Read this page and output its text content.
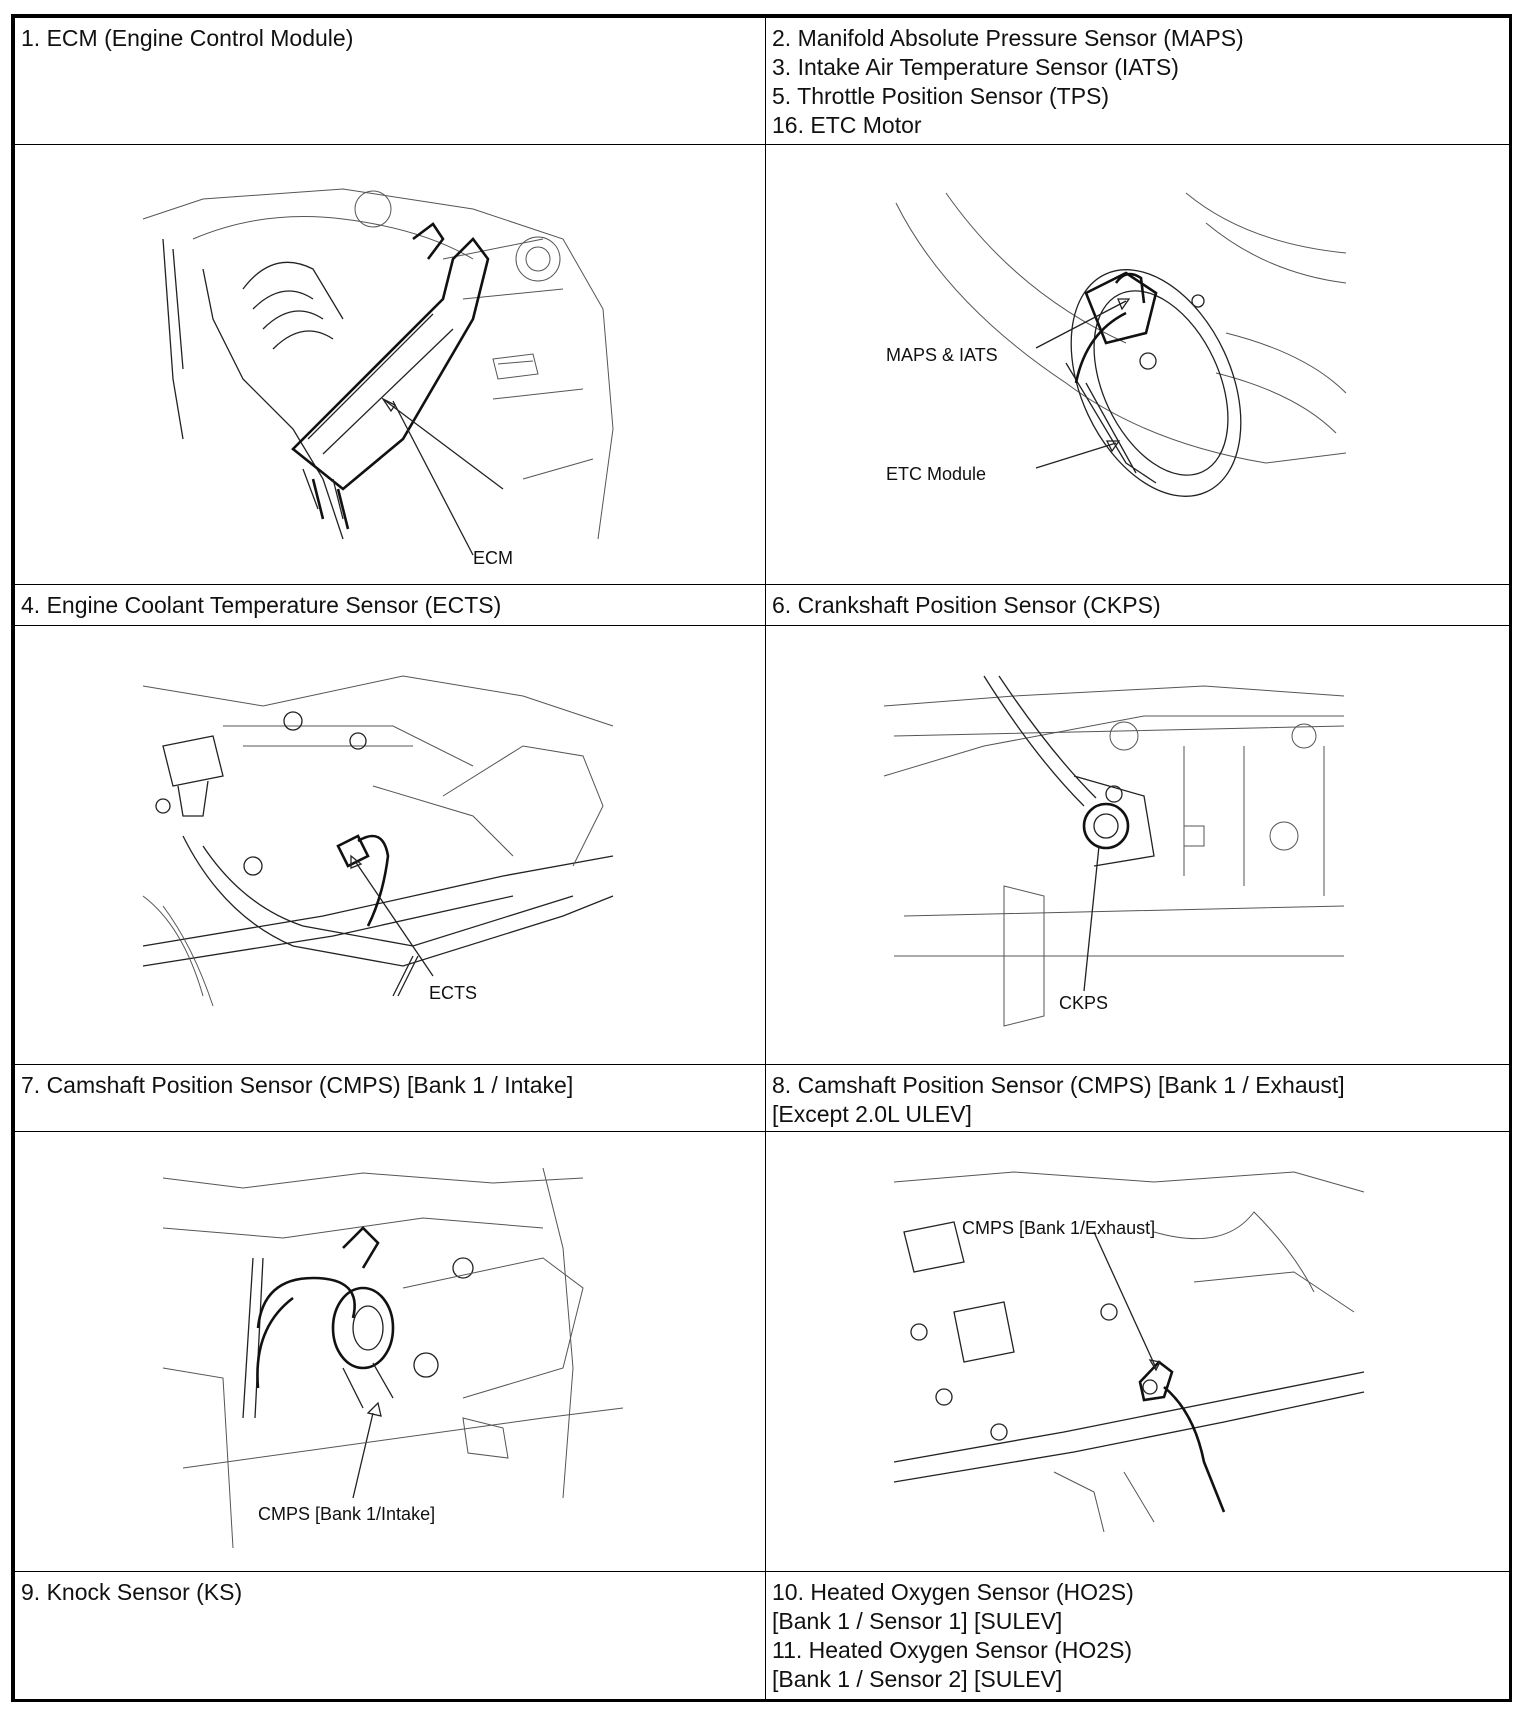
1. ECM (Engine Control Module)	2. Manifold Absolute Pressure Sensor (MAPS)
3. Intake Air Temperature Sensor (IATS)
5. Throttle Position Sensor (TPS)
16. ETC Motor

ECM	MAPS & IATS
ETC Module

4. Engine Coolant Temperature Sensor (ECTS)	6. Crankshaft Position Sensor (CKPS)

ECTS	CKPS

7. Camshaft Position Sensor (CMPS) [Bank 1 / Intake]	8. Camshaft Position Sensor (CMPS) [Bank 1 / Exhaust]
[Except 2.0L ULEV]

CMPS [Bank 1/Intake]	CMPS [Bank 1/Exhaust]

9. Knock Sensor (KS)	10. Heated Oxygen Sensor (HO2S)
[Bank 1 / Sensor 1] [SULEV]
11. Heated Oxygen Sensor (HO2S)
[Bank 1 / Sensor 2] [SULEV]
